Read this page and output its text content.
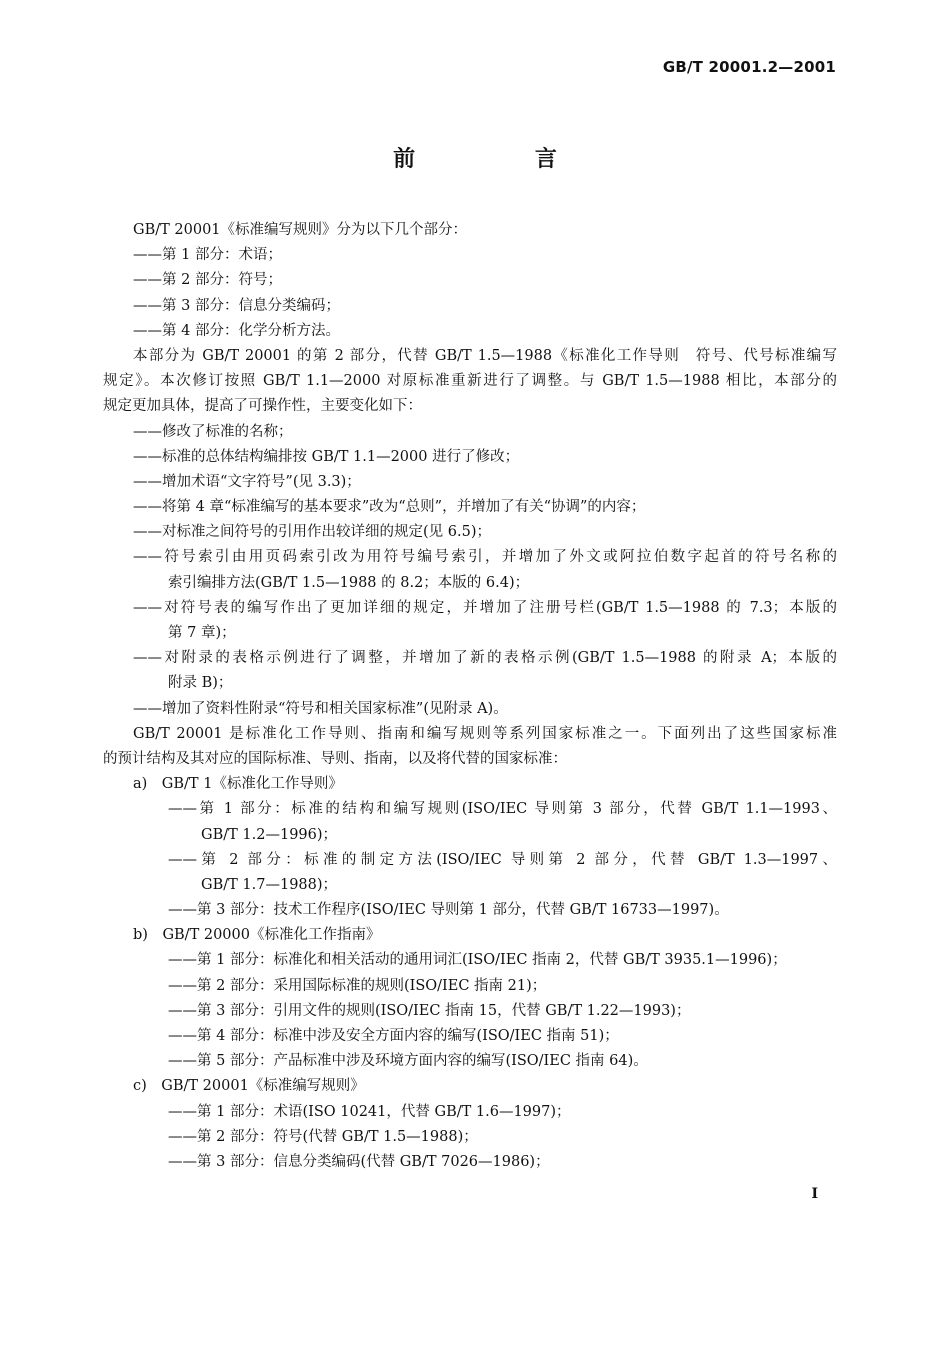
GB/T 20001.2—2001
前 言
GB/T 20001《标准编写规则》分为以下几个部分：
——第 1 部分：术语；
——第 2 部分：符号；
——第 3 部分：信息分类编码；
——第 4 部分：化学分析方法。
本部分为 GB/T 20001 的第 2 部分，代替 GB/T 1.5—1988《标准化工作导则　符号、代号标准编写
规定》。本次修订按照 GB/T 1.1—2000 对原标准重新进行了调整。与 GB/T 1.5—1988 相比，本部分的
规定更加具体，提高了可操作性，主要变化如下：
——修改了标准的名称；
——标准的总体结构编排按 GB/T 1.1—2000 进行了修改；
——增加术语“文字符号”(见 3.3)；
——将第 4 章“标准编写的基本要求”改为“总则”，并增加了有关“协调”的内容；
——对标准之间符号的引用作出较详细的规定(见 6.5)；
——符号索引由用页码索引改为用符号编号索引，并增加了外文或阿拉伯数字起首的符号名称的
索引编排方法(GB/T 1.5—1988 的 8.2；本版的 6.4)；
——对符号表的编写作出了更加详细的规定，并增加了注册号栏(GB/T 1.5—1988 的 7.3；本版的
第 7 章)；
——对附录的表格示例进行了调整，并增加了新的表格示例(GB/T 1.5—1988 的附录 A；本版的
附录 B)；
——增加了资料性附录“符号和相关国家标准”(见附录 A)。
GB/T 20001 是标准化工作导则、指南和编写规则等系列国家标准之一。下面列出了这些国家标准
的预计结构及其对应的国际标准、导则、指南，以及将代替的国家标准：
a)　GB/T 1《标准化工作导则》
——第 1 部分：标准的结构和编写规则(ISO/IEC 导则第 3 部分，代替 GB/T 1.1—1993、
GB/T 1.2—1996)；
——第 2 部分：标准的制定方法(ISO/IEC 导则第 2 部分，代替 GB/T 1.3—1997、
GB/T 1.7—1988)；
——第 3 部分：技术工作程序(ISO/IEC 导则第 1 部分，代替 GB/T 16733—1997)。
b)　GB/T 20000《标准化工作指南》
——第 1 部分：标准化和相关活动的通用词汇(ISO/IEC 指南 2，代替 GB/T 3935.1—1996)；
——第 2 部分：采用国际标准的规则(ISO/IEC 指南 21)；
——第 3 部分：引用文件的规则(ISO/IEC 指南 15，代替 GB/T 1.22—1993)；
——第 4 部分：标准中涉及安全方面内容的编写(ISO/IEC 指南 51)；
——第 5 部分：产品标准中涉及环境方面内容的编写(ISO/IEC 指南 64)。
c)　GB/T 20001《标准编写规则》
——第 1 部分：术语(ISO 10241，代替 GB/T 1.6—1997)；
——第 2 部分：符号(代替 GB/T 1.5—1988)；
——第 3 部分：信息分类编码(代替 GB/T 7026—1986)；
I
